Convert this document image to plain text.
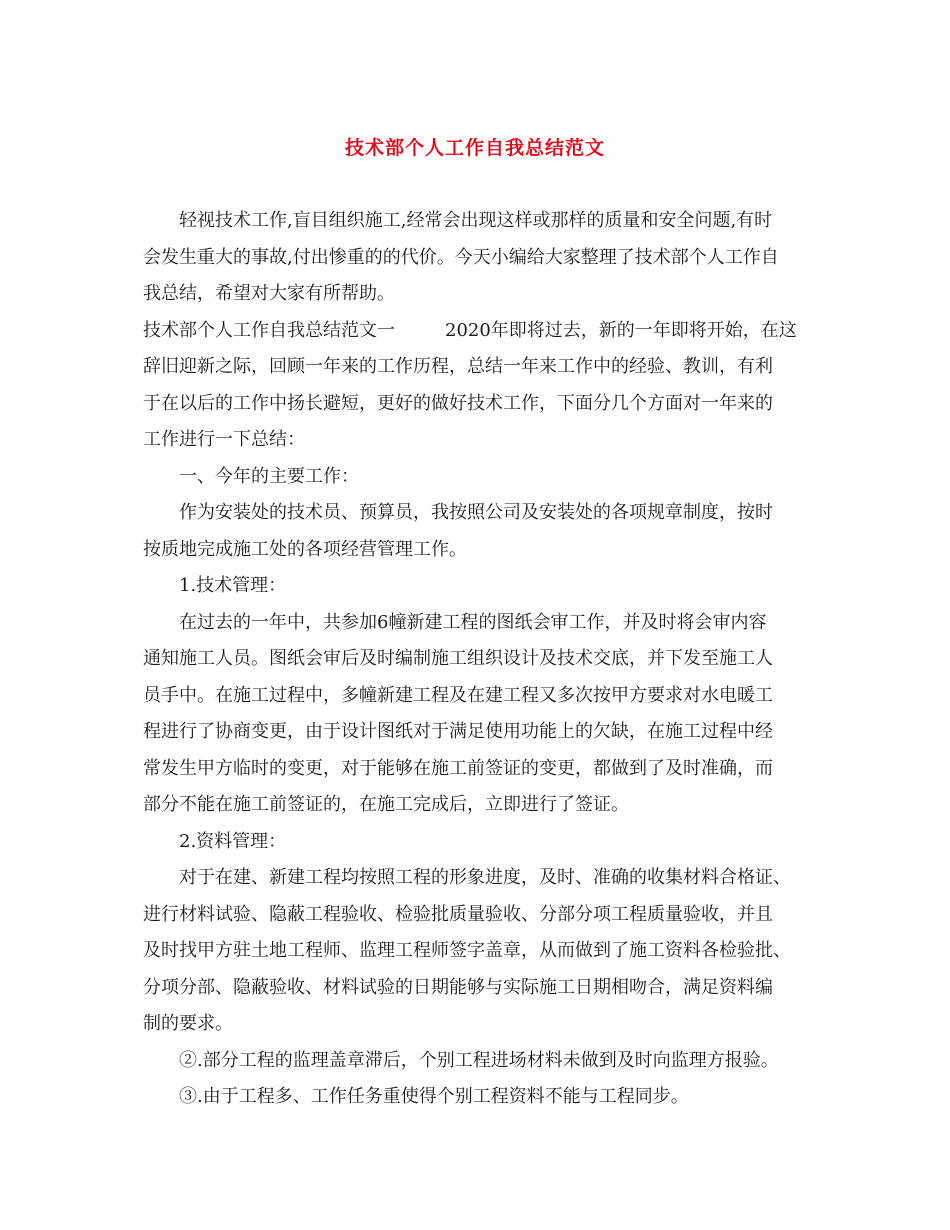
技术部个人工作自我总结范文
轻视技术工作,盲目组织施工,经常会出现这样或那样的质量和安全问题,有时
会发生重大的事故,付出惨重的的代价。今天小编给大家整理了技术部个人工作自
我总结，希望对大家有所帮助。
技术部个人工作自我总结范文一	2020年即将过去，新的一年即将开始，在这
辞旧迎新之际，回顾一年来的工作历程，总结一年来工作中的经验、教训，有利
于在以后的工作中扬长避短，更好的做好技术工作，下面分几个方面对一年来的
工作进行一下总结：
一、今年的主要工作：
作为安装处的技术员、预算员，我按照公司及安装处的各项规章制度，按时
按质地完成施工处的各项经营管理工作。
1.技术管理：
在过去的一年中，共参加6幢新建工程的图纸会审工作，并及时将会审内容
通知施工人员。图纸会审后及时编制施工组织设计及技术交底，并下发至施工人
员手中。在施工过程中，多幢新建工程及在建工程又多次按甲方要求对水电暖工
程进行了协商变更，由于设计图纸对于满足使用功能上的欠缺，在施工过程中经
常发生甲方临时的变更，对于能够在施工前签证的变更，都做到了及时准确，而
部分不能在施工前签证的，在施工完成后，立即进行了签证。
2.资料管理：
对于在建、新建工程均按照工程的形象进度，及时、准确的收集材料合格证、
进行材料试验、隐蔽工程验收、检验批质量验收、分部分项工程质量验收，并且
及时找甲方驻土地工程师、监理工程师签字盖章，从而做到了施工资料各检验批、
分项分部、隐蔽验收、材料试验的日期能够与实际施工日期相吻合，满足资料编
制的要求。
②.部分工程的监理盖章滞后，个别工程进场材料未做到及时向监理方报验。
③.由于工程多、工作任务重使得个别工程资料不能与工程同步。
